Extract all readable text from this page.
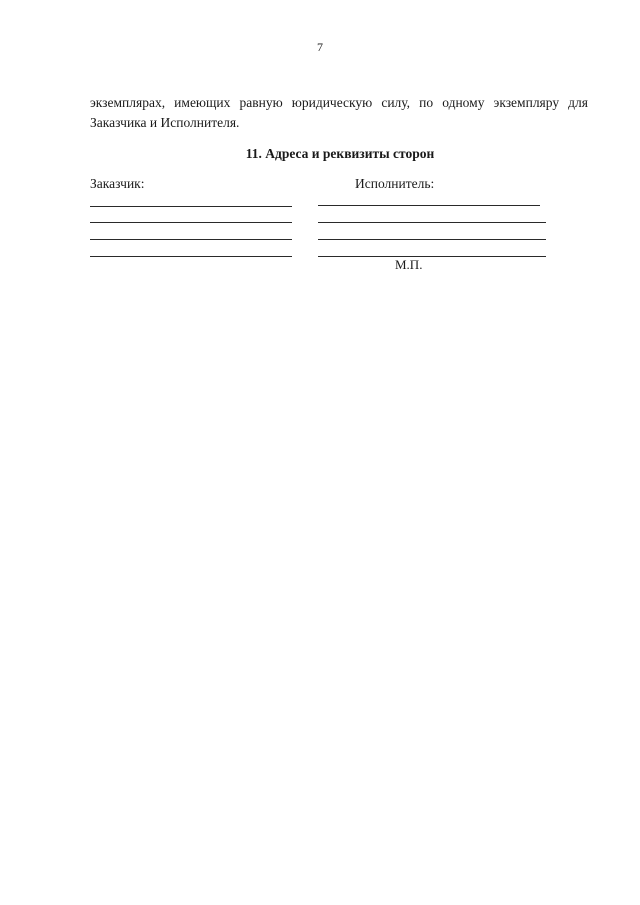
7
экземплярах, имеющих равную юридическую силу, по одному экземпляру для
Заказчика и Исполнителя.
11. Адреса и реквизиты сторон
Заказчик:	Исполнитель:
М.П.
